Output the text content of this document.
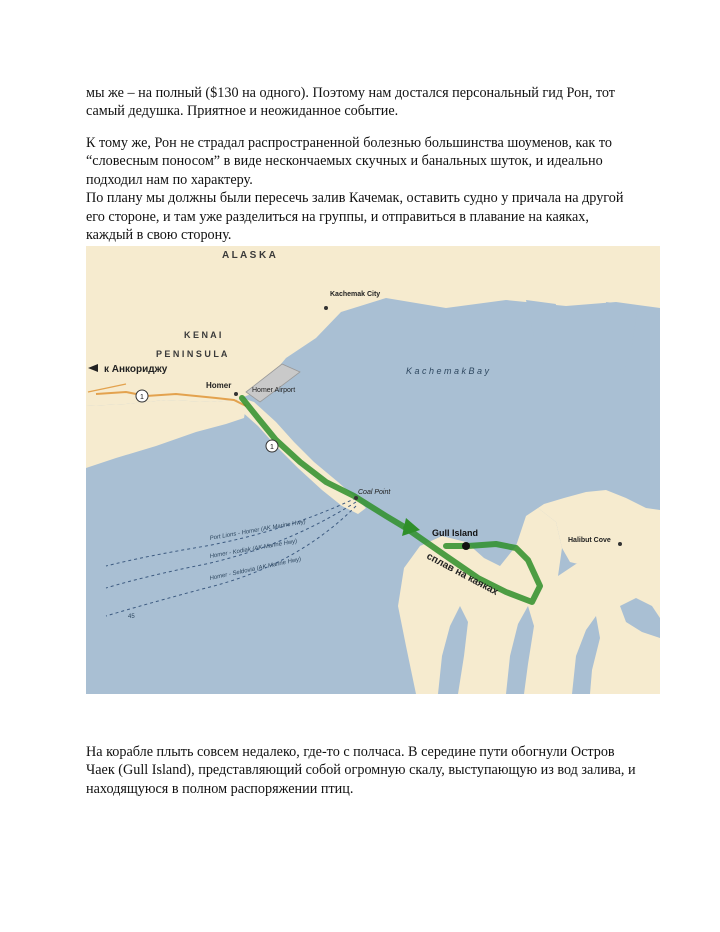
мы же – на полный ($130 на одного). Поэтому нам достался персональный гид Рон, тот
самый дедушка. Приятное и неожиданное событие.
К тому же, Рон не страдал распространенной болезнью большинства шоуменов, как то
“словесным поносом” в виде нескончаемых скучных и банальных шуток, и идеально
подходил нам по характеру.
По плану мы должны были пересечь залив Качемак, оставить судно у причала на другой
его стороне, и там уже разделиться на группы, и отправиться в плавание на каяках,
каждый в свою сторону.
1
1
A L A S K A
K E N A I
P E N I N S U L A
к Анкориджу
Kachemak City
Homer
Homer Airport
K a c h e m a k B a y
Coal Point
Gull Island
Halibut Cove
сплав на каяках
Port Lions - Homer (AK Marine Hwy)
Homer - Kodiak (AK Marine Hwy)
Homer - Seldovia (AK Marine Hwy)
45
На корабле плыть совсем недалеко, где-то с полчаса. В середине пути обогнули Остров
Чаек (Gull Island), представляющий собой огромную скалу, выступающую из вод залива, и
находящуюся в полном распоряжении птиц.
